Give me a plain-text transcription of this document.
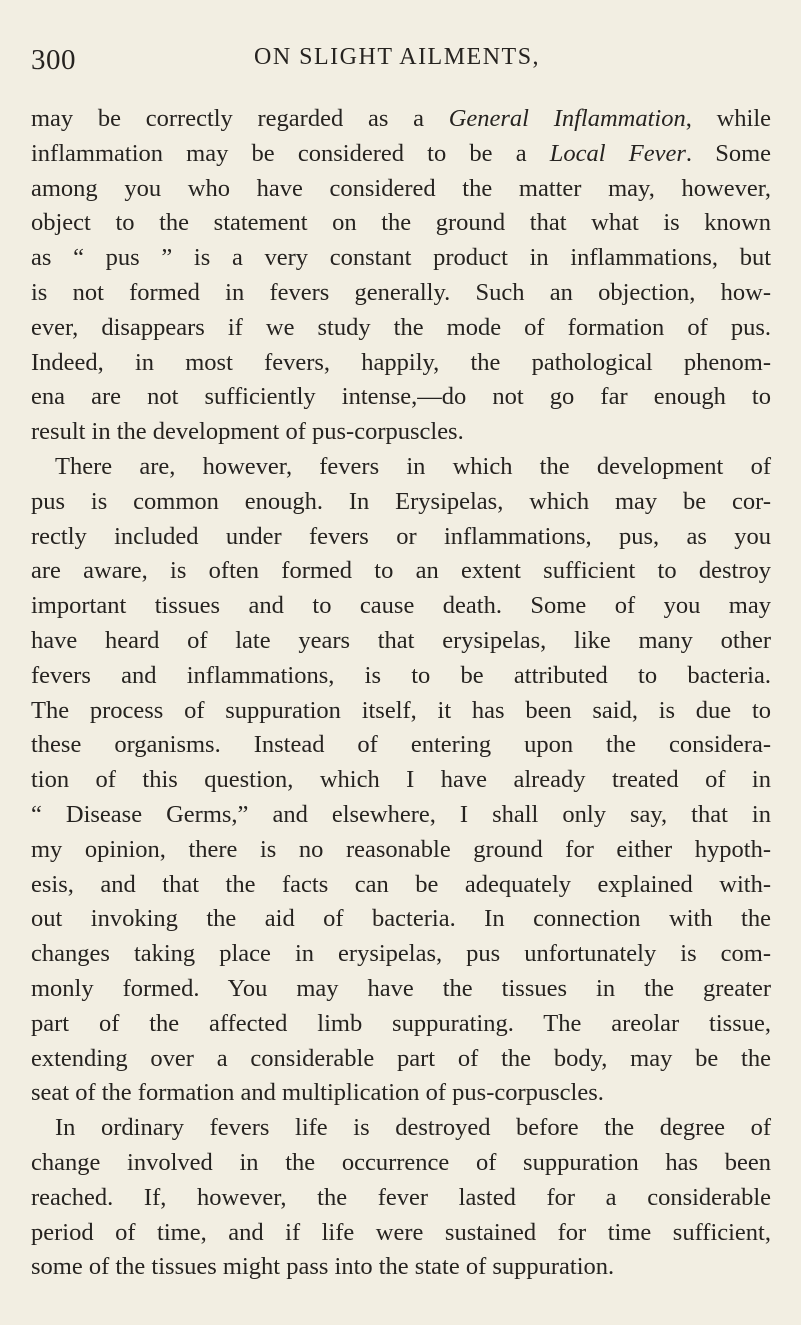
300	ON SLIGHT AILMENTS,
may be correctly regarded as a General Inflammation, while
inflammation may be considered to be a Local Fever. Some
among you who have considered the matter may, however,
object to the statement on the ground that what is known
as “ pus ” is a very constant product in inflammations, but
is not formed in fevers generally. Such an objection, how-
ever, disappears if we study the mode of formation of pus.
Indeed, in most fevers, happily, the pathological phenom-
ena are not sufficiently intense,—do not go far enough to
result in the development of pus-corpuscles.
There are, however, fevers in which the development of
pus is common enough. In Erysipelas, which may be cor-
rectly included under fevers or inflammations, pus, as you
are aware, is often formed to an extent sufficient to destroy
important tissues and to cause death. Some of you may
have heard of late years that erysipelas, like many other
fevers and inflammations, is to be attributed to bacteria.
The process of suppuration itself, it has been said, is due to
these organisms. Instead of entering upon the considera-
tion of this question, which I have already treated of in
“ Disease Germs,” and elsewhere, I shall only say, that in
my opinion, there is no reasonable ground for either hypoth-
esis, and that the facts can be adequately explained with-
out invoking the aid of bacteria. In connection with the
changes taking place in erysipelas, pus unfortunately is com-
monly formed. You may have the tissues in the greater
part of the affected limb suppurating. The areolar tissue,
extending over a considerable part of the body, may be the
seat of the formation and multiplication of pus-corpuscles.
In ordinary fevers life is destroyed before the degree of
change involved in the occurrence of suppuration has been
reached. If, however, the fever lasted for a considerable
period of time, and if life were sustained for time sufficient,
some of the tissues might pass into the state of suppuration.
